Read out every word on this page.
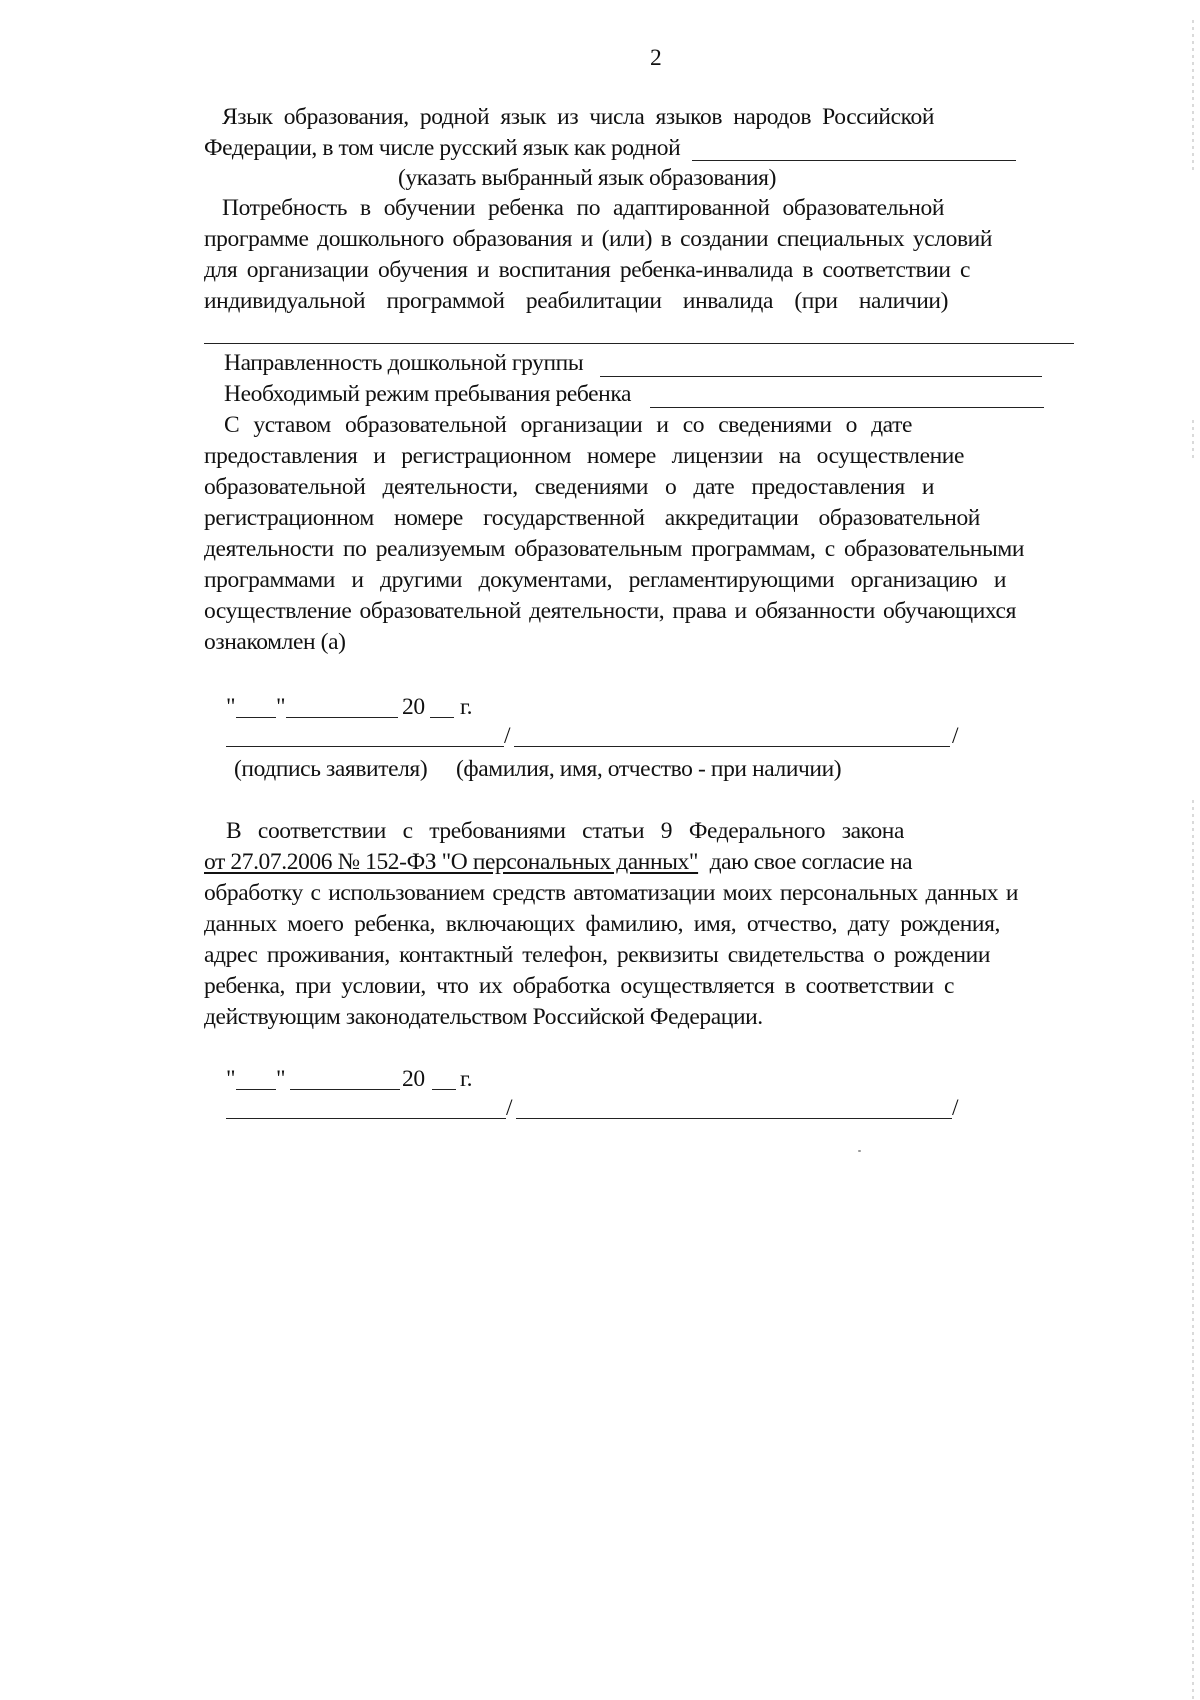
2
Язык образования, родной язык из числа языков народов Российской
Федерации, в том числе русский язык как родной
(указать выбранный язык образования)
Потребность в обучении ребенка по адаптированной образовательной
программе дошкольного образования и (или) в создании специальных условий
для организации обучения и воспитания ребенка-инвалида в соответствии с
индивидуальной программой реабилитации инвалида (при наличии)
Направленность дошкольной группы
Необходимый режим пребывания ребенка
С уставом образовательной организации и со сведениями о дате
предоставления и регистрационном номере лицензии на осуществление
образовательной деятельности, сведениями о дате предоставления и
регистрационном номере государственной аккредитации образовательной
деятельности по реализуемым образовательным программам, с образовательными
программами и другими документами, регламентирующими организацию и
осуществление образовательной деятельности, права и обязанности обучающихся
ознакомлен (а)
" "	20 г.
/	/
(подпись заявителя) (фамилия, имя, отчество - при наличии)
В соответствии с требованиями статьи 9 Федерального закона
от 27.07.2006 № 152-ФЗ "О персональных данных" даю свое согласие на
обработку с использованием средств автоматизации моих персональных данных и
данных моего ребенка, включающих фамилию, имя, отчество, дату рождения,
адрес проживания, контактный телефон, реквизиты свидетельства о рождении
ребенка, при условии, что их обработка осуществляется в соответствии с
действующим законодательством Российской Федерации.
" "	20 г.
/	/
